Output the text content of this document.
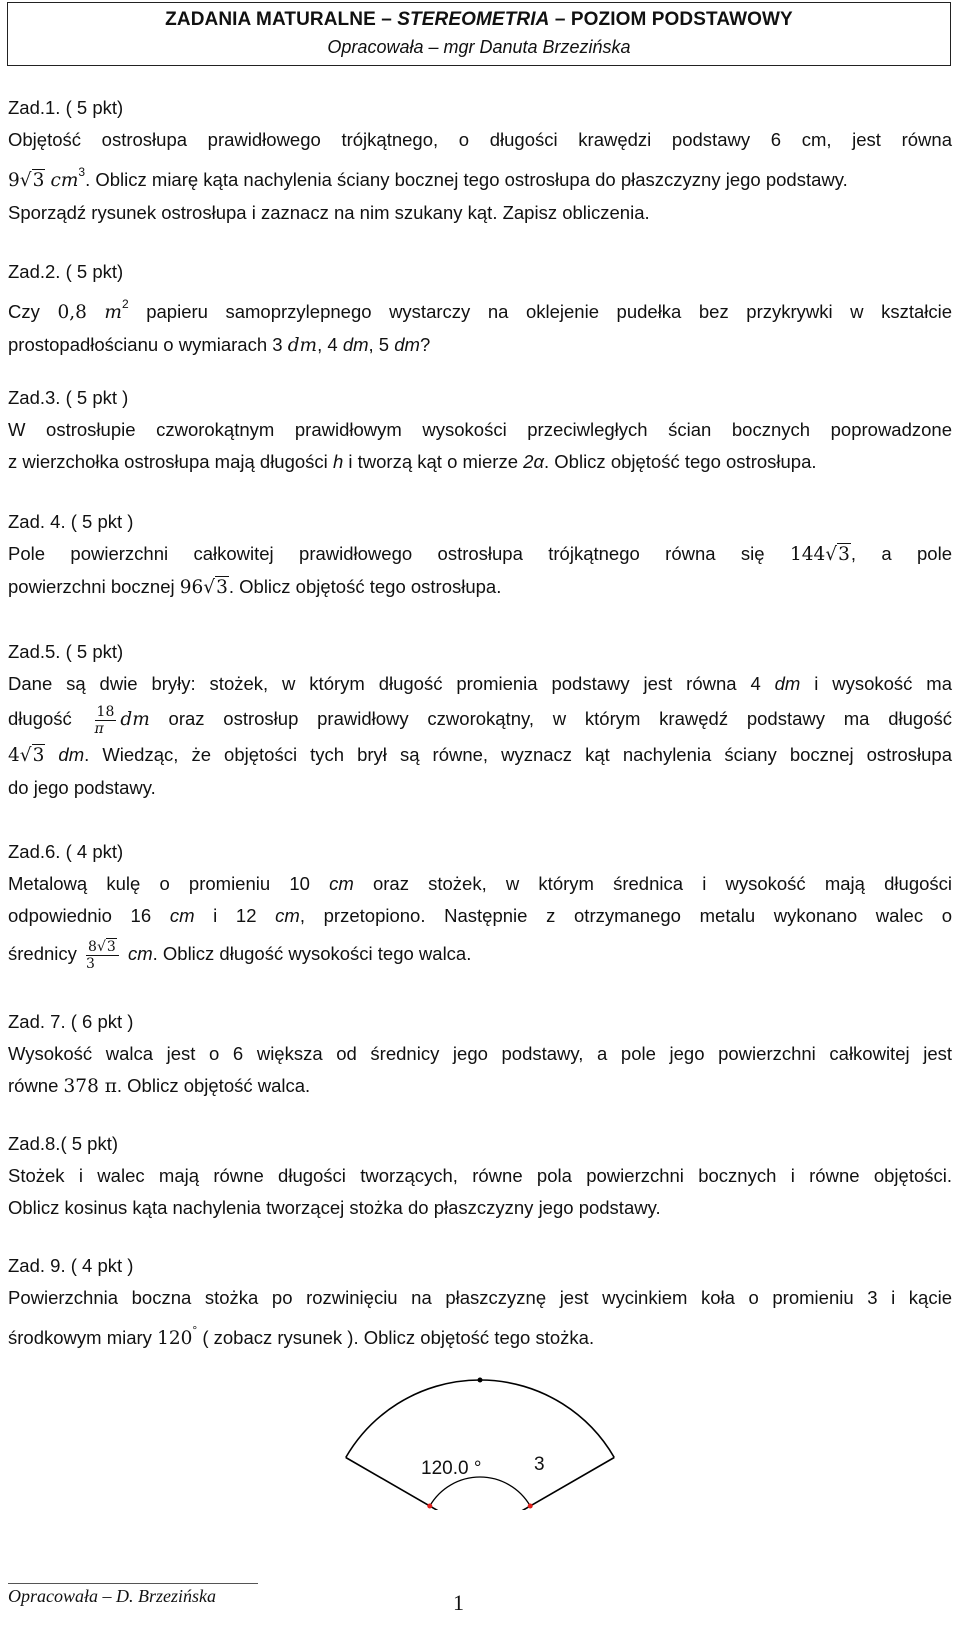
ZADANIA MATURALNE – STEREOMETRIA – POZIOM PODSTAWOWY
Opracowała – mgr Danuta Brzezińska
Zad.1. ( 5 pkt)

Objętość ostrosłupa prawidłowego trójkątnego, o długości krawędzi podstawy 6 cm, jest równa

9√3 $cm^3$. Oblicz miarę kąta nachylenia ściany bocznej tego ostrosłupa do płaszczyzny jego podstawy.

Sporządź rysunek ostrosłupa i zaznacz na nim szukany kąt. Zapisz obliczenia.

Zad.2. ( 5 pkt)

Czy 0,8 $m^2$ papieru samoprzylepnego wystarczy na oklejenie pudełka bez przykrywki w kształcie

prostopadłościanu o wymiarach 3 dm, 4 dm, 5 dm?

Zad.3. ( 5 pkt )

W ostrosłupie czworokątnym prawidłowym wysokości przeciwległych ścian bocznych poprowadzone

z wierzchołka ostrosłupa mają długości h i tworzą kąt o mierze 2α. Oblicz objętość tego ostrosłupa.

Zad. 4. ( 5 pkt )

Pole powierzchni całkowitej prawidłowego ostrosłupa trójkątnego równa się 144√3, a pole

powierzchni bocznej 96√3. Oblicz objętość tego ostrosłupa.

Zad.5. ( 5 pkt)

Dane są dwie bryły: stożek, w którym długość promienia podstawy jest równa 4 dm i wysokość ma

długość $\frac{18}{\pi}$ dm oraz ostrosłup prawidłowy czworokątny, w którym krawędź podstawy ma długość

4√3 dm. Wiedząc, że objętości tych brył są równe, wyznacz kąt nachylenia ściany bocznej ostrosłupa

do jego podstawy.

Zad.6. ( 4 pkt)

Metalową kulę o promieniu 10 cm oraz stożek, w którym średnica i wysokość mają długości

odpowiednio 16 cm i 12 cm, przetopiono. Następnie z otrzymanego metalu wykonano walec o

średnicy $\frac{8√3}{3}$ cm. Oblicz długość wysokości tego walca.

Zad. 7. ( 6 pkt )

Wysokość walca jest o 6 większa od średnicy jego podstawy, a pole jego powierzchni całkowitej jest

równe 378 π. Oblicz objętość walca.

Zad.8.( 5 pkt)

Stożek i walec mają równe długości tworzących, równe pola powierzchni bocznych i równe objętości.

Oblicz kosinus kąta nachylenia tworzącej stożka do płaszczyzny jego podstawy.

Zad. 9. ( 4 pkt )

Powierzchnia boczna stożka po rozwinięciu na płaszczyznę jest wycinkiem koła o promieniu 3 i kącie

środkowym miary 120° ( zobacz rysunek ). Oblicz objętość tego stożka.

120.0 °	3
Opracowała – D. Brzezińska	1
